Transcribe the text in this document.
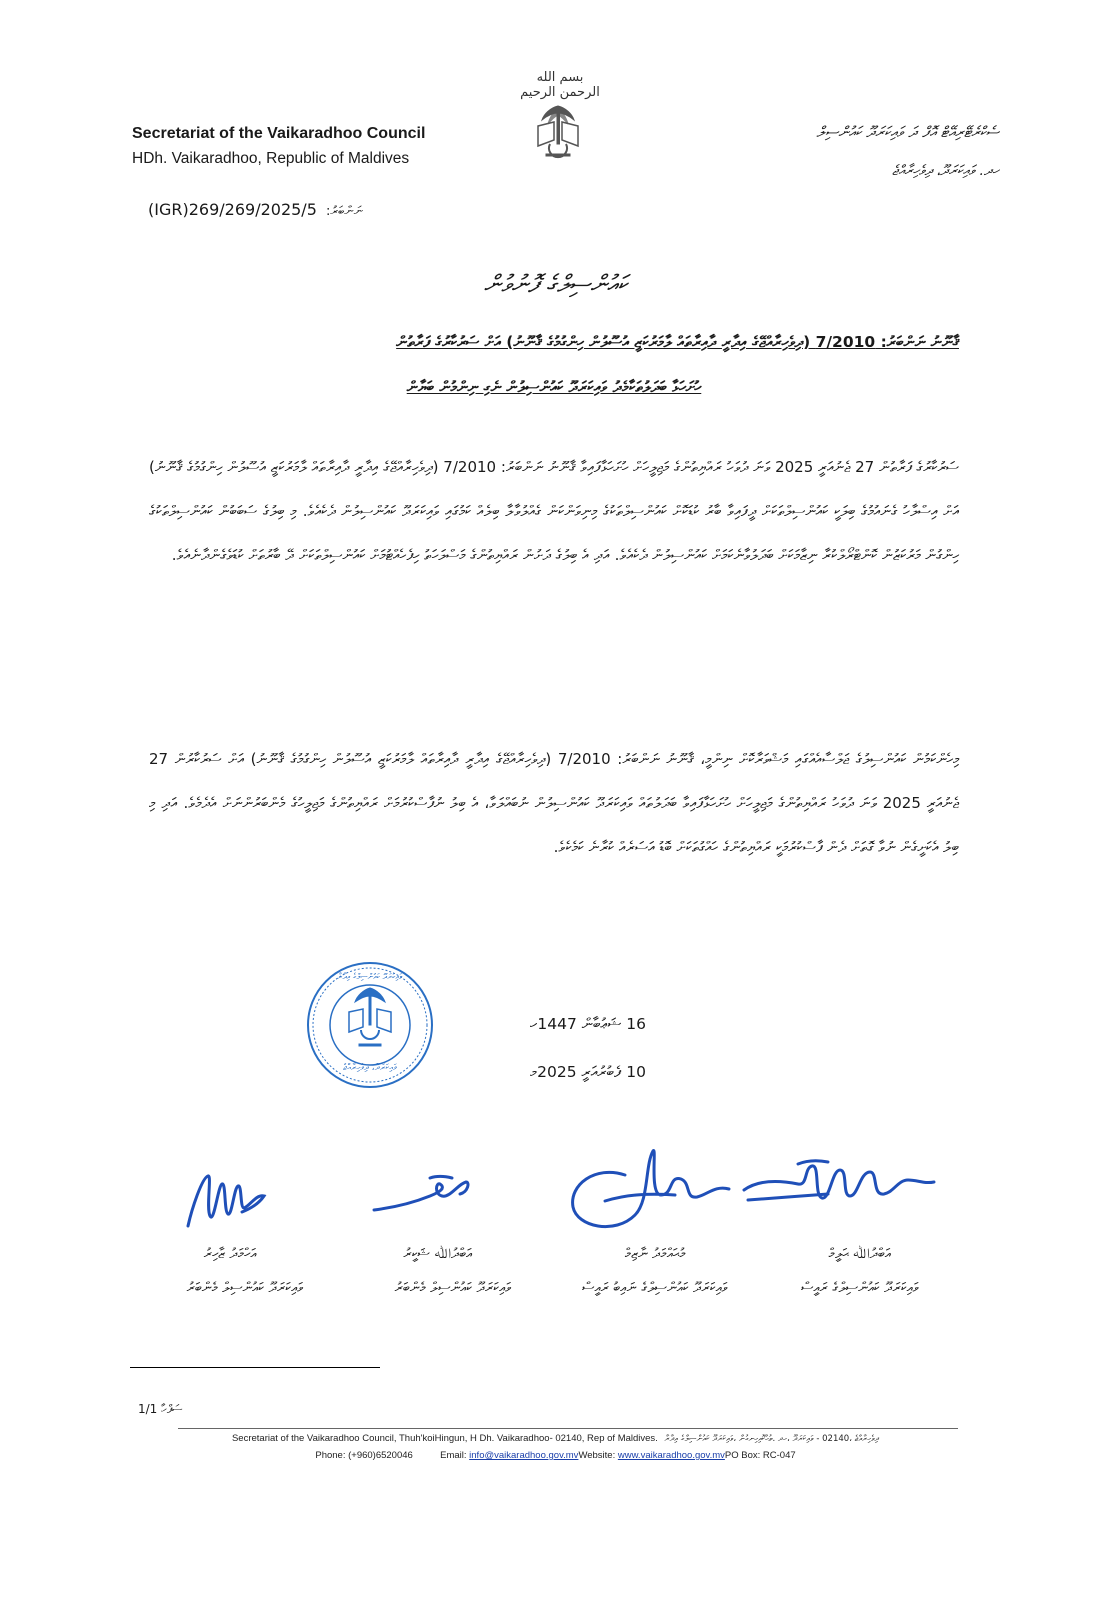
بسم الله الرحمن الرحيم
Secretariat of the Vaikaradhoo Council
HDh. Vaikaradhoo, Republic of Maldives
ސެކްރެޓޭރިއޭޓް އޮފް ދަ ވައިކަރަދޫ ކައުންސިލް
ހދ. ވައިކަރަދޫ، ދިވެހިރާއްޖެ
(IGR)269/269/2025/5 ނަންބަރު:
ކައުންސިލްގެ ފޮނުވުން
ޤާނޫނު ނަންބަރު: 7/2010 (ދިވެހިރާއްޖޭގެ އިދާރީ ދާއިރާތައް ލާމަރުކަޒީ އުސޫލުން ހިންގުމުގެ ޤާނޫނު) އަށް ސަރުކާރުގެ ފަރާތުން
ހުށަހަޅާ ބަދަލުތަކާމެދު ވައިކަރަދޫ ކައުންސިލުން ނެގި ނިންމުން ބަޔާން
ސަރުކާރުގެ ފަރާތުން 27 ޖެނުއަރީ 2025 ވަނަ ދުވަހު ރައްޔިތުންގެ މަޖިލީހަށް ހުށަހަޅާފައިވާ ޤާނޫނު ނަންބަރު: 7/2010 (ދިވެހިރާއްޖޭގެ އިދާރީ ދާއިރާތައް ލާމަރުކަޒީ އުސޫލުން ހިންގުމުގެ ޤާނޫނު) އަށް އިސްލާހު ގެނައުމުގެ ބިލަކީ ކައުންސިލްތަކަށް ދީފައިވާ ބާރު ކުޑަކޮށް ކައުންސިލްތަކުގެ މިނިވަންކަން ގެއްލުވާލާ ބިލެއް ކަމުގައި ވައިކަރަދޫ ކައުންސިލުން ދެކެއެވެ. މި ބިލުގެ ސަބަބުން ކައުންސިލްތަކުގެ ހިންގުން މަރުކަޒުން ކޮންޓްރޯލްކުރާ ނިޒާމަކަށް ބަދަލުވާނެކަމަށް ކައުންސިލުން ދެކެއެވެ. އަދި އެ ބިލުގެ ދަށުން ރައްޔިތުންގެ މަސްލަހަތު ހިފެހެއްޓުމަށް ކައުންސިލްތަކަށް ދޭ ބާރުތަށް ކުޑަވެގެންދާނެއެވެ.
މިހެންކަމުން ކައުންސިލުގެ ޖަލްސާއެއްގައި މަޝްވަރާކޮށް ނިންމީ، ޤާނޫނު ނަންބަރު: 7/2010 (ދިވެހިރާއްޖޭގެ އިދާރީ ދާއިރާތައް ލާމަރުކަޒީ އުސޫލުން ހިންގުމުގެ ޤާނޫނު) އަށް ސަރުކާރުން 27 ޖެނުއަރީ 2025 ވަނަ ދުވަހު ރައްޔިތުންގެ މަޖިލީހަށް ހުށަހަޅާފައިވާ ބަދަލުތައް ވައިކަރަދޫ ކައުންސިލުން ނުބައްލަވާ، އެ ބިލު ނުފާސްކުރުމަށް ރައްޔިތުންގެ މަޖިލީހުގެ މެންބަރުންނަށް އެދެމެވެ. އަދި މި ބިލު އެކަށީގެން ނުވާ ގޮތަށް ދެން ފާސްކުރުމަކީ ރައްޔިތުންގެ ހައްގުތަކަށް ބޮޑު އަސަރެއް ކުރާނެ ކަމެކެވެ.
ވައިކަރަދޫ، ދިވެހިރާއްޖެ
ވައިކަރަދޫ ކައުންސިލްގެ އިދާރާ
16 ޝަޢުބާން 1447ހ
10 ފެބުރުއަރީ 2025މ
އަހްމަދު ޒާހިރު
ވައިކަރަދޫ ކައުންސިލް މެންބަރު
އަބްދުﷲ ޝަކީރު
ވައިކަރަދޫ ކައުންސިލް މެންބަރު
މުޙައްމަދު ނާޒިމް
ވައިކަރަދޫ ކައުންސިލްގެ ނައިބު ރައީސް
އަބްދުﷲ ޙަލީމް
ވައިކަރަދޫ ކައުންސިލްގެ ރައީސް
ސަފްހާ 1/1
Secretariat of the Vaikaradhoo Council, Thuh'koiHingun, H Dh. Vaikaradhoo- 02140, Rep of Maldives. ދިވެހިރާއްޖެ ،02140 - ވައިކަރަދޫ ،ހދ .ތުހްކޮއިހިނގުން ،ވައިކަރަދޫ ކައުންސިލްގެ އިދާރާ
Phone: (+960)6520046	Email: info@vaikaradhoo.gov.mvWebsite: www.vaikaradhoo.gov.mvPO Box: RC-047
